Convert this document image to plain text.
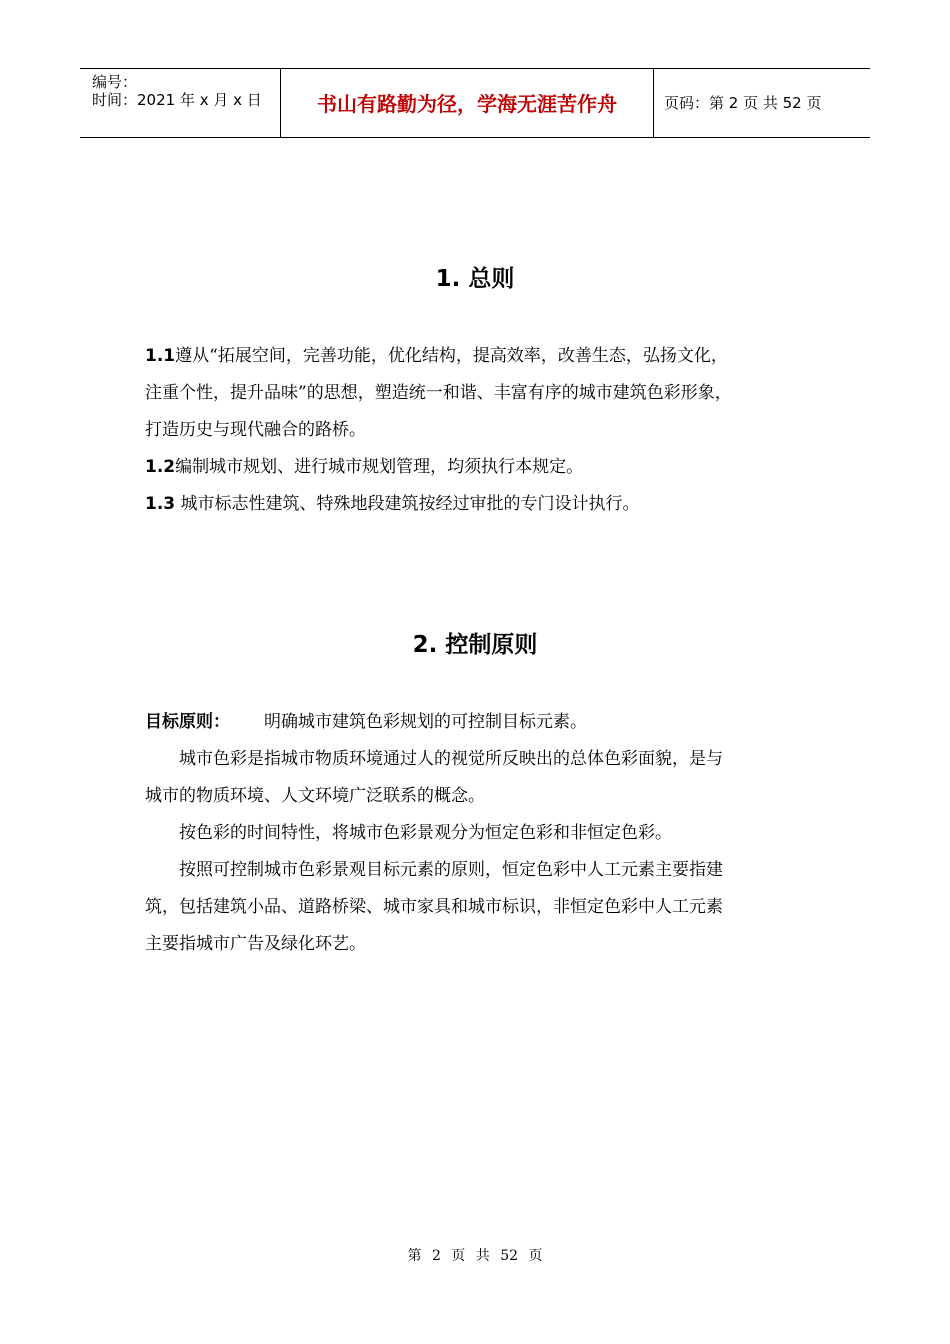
编号：
时间：2021 年 x 月 x 日	书山有路勤为径，学海无涯苦作舟	页码：第 2 页 共 52 页
1. 总则
1.1遵从“拓展空间，完善功能，优化结构，提高效率，改善生态，弘扬文化，
注重个性，提升品味”的思想，塑造统一和谐、丰富有序的城市建筑色彩形象，
打造历史与现代融合的路桥。
1.2编制城市规划、进行城市规划管理，均须执行本规定。
1.3 城市标志性建筑、特殊地段建筑按经过审批的专门设计执行。
2. 控制原则
目标原则： 明确城市建筑色彩规划的可控制目标元素。
城市色彩是指城市物质环境通过人的视觉所反映出的总体色彩面貌，是与
城市的物质环境、人文环境广泛联系的概念。
按色彩的时间特性，将城市色彩景观分为恒定色彩和非恒定色彩。
按照可控制城市色彩景观目标元素的原则，恒定色彩中人工元素主要指建
筑，包括建筑小品、道路桥梁、城市家具和城市标识，非恒定色彩中人工元素
主要指城市广告及绿化环艺。
第 2 页 共 52 页
